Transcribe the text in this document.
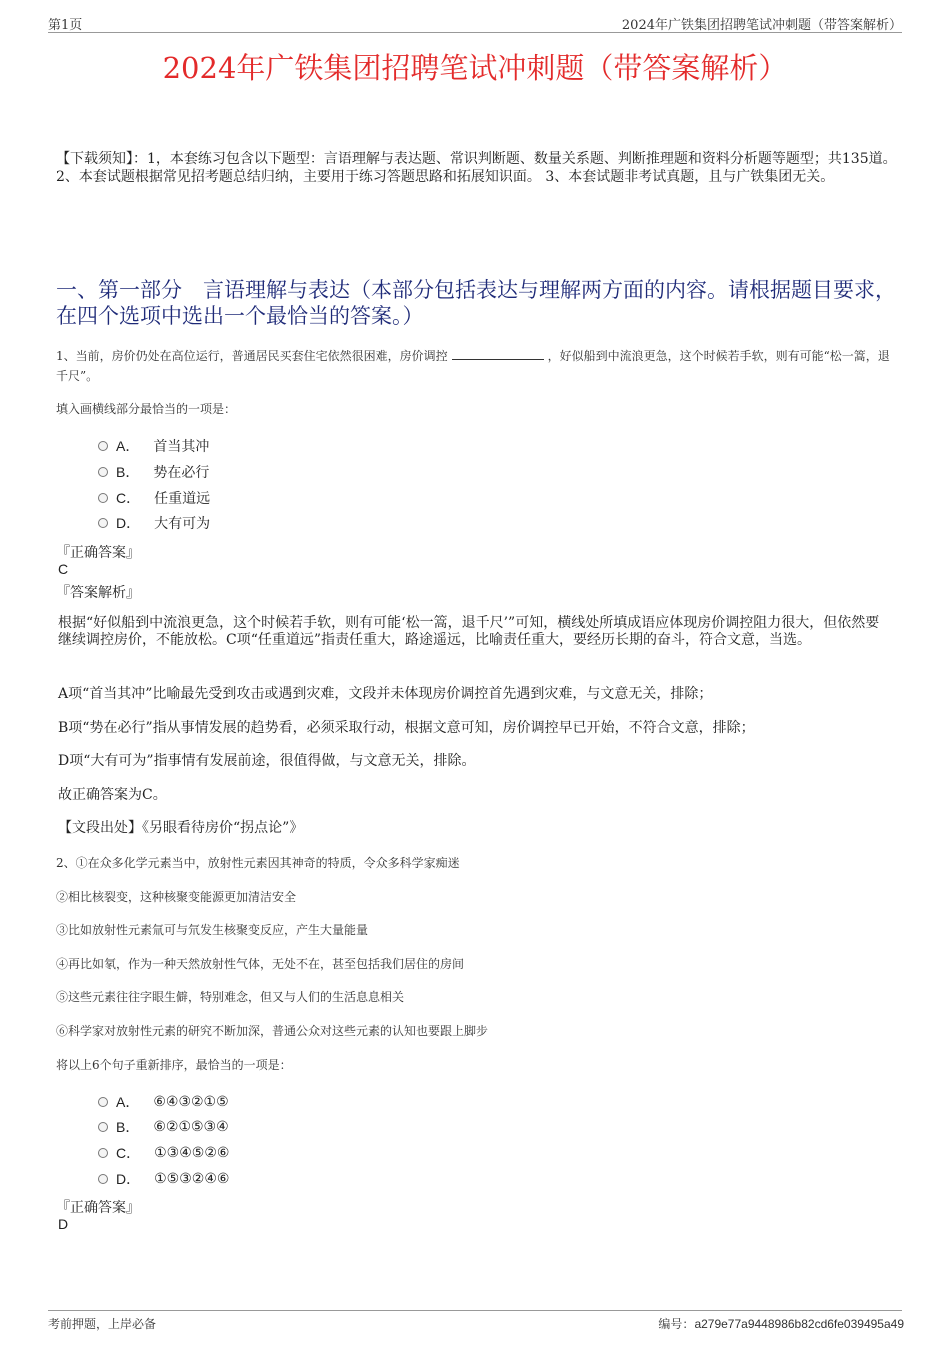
第1页	2024年广铁集团招聘笔试冲刺题（带答案解析）
2024年广铁集团招聘笔试冲刺题（带答案解析）
【下载须知】：1，本套练习包含以下题型：言语理解与表达题、常识判断题、数量关系题、判断推理题和资料分析题等题型；共135道。 2、本套试题根据常见招考题总结归纳，主要用于练习答题思路和拓展知识面。 3、本套试题非考试真题，且与广铁集团无关。
一、第一部分　言语理解与表达（本部分包括表达与理解两方面的内容。请根据题目要求，在四个选项中选出一个最恰当的答案。）
1、当前，房价仍处在高位运行，普通居民买套住宅依然很困难，房价调控	，好似船到中流浪更急，这个时候若手软，则有可能“松一篙，退千尺”。
填入画横线部分最恰当的一项是：
A． 首当其冲
B． 势在必行
C． 任重道远
D． 大有可为
『正确答案』
C
『答案解析』
根据“好似船到中流浪更急，这个时候若手软，则有可能‘松一篙，退千尺’”可知，横线处所填成语应体现房价调控阻力很大，但依然要继续调控房价，不能放松。C项“任重道远”指责任重大，路途遥远，比喻责任重大，要经历长期的奋斗，符合文意，当选。
A项“首当其冲”比喻最先受到攻击或遇到灾难，文段并未体现房价调控首先遇到灾难，与文意无关，排除；
B项“势在必行”指从事情发展的趋势看，必须采取行动，根据文意可知，房价调控早已开始，不符合文意，排除；
D项“大有可为”指事情有发展前途，很值得做，与文意无关，排除。
故正确答案为C。
【文段出处】《另眼看待房价“拐点论”》
2、①在众多化学元素当中，放射性元素因其神奇的特质，令众多科学家痴迷
②相比核裂变，这种核聚变能源更加清洁安全
③比如放射性元素氚可与氘发生核聚变反应，产生大量能量
④再比如氡，作为一种天然放射性气体，无处不在，甚至包括我们居住的房间
⑤这些元素往往字眼生僻，特别难念，但又与人们的生活息息相关
⑥科学家对放射性元素的研究不断加深，普通公众对这些元素的认知也要跟上脚步
将以上6个句子重新排序，最恰当的一项是：
A． ⑥④③②①⑤
B． ⑥②①⑤③④
C． ①③④⑤②⑥
D． ①⑤③②④⑥
『正确答案』
D
考前押题，上岸必备	编号：a279e77a9448986b82cd6fe039495a49
